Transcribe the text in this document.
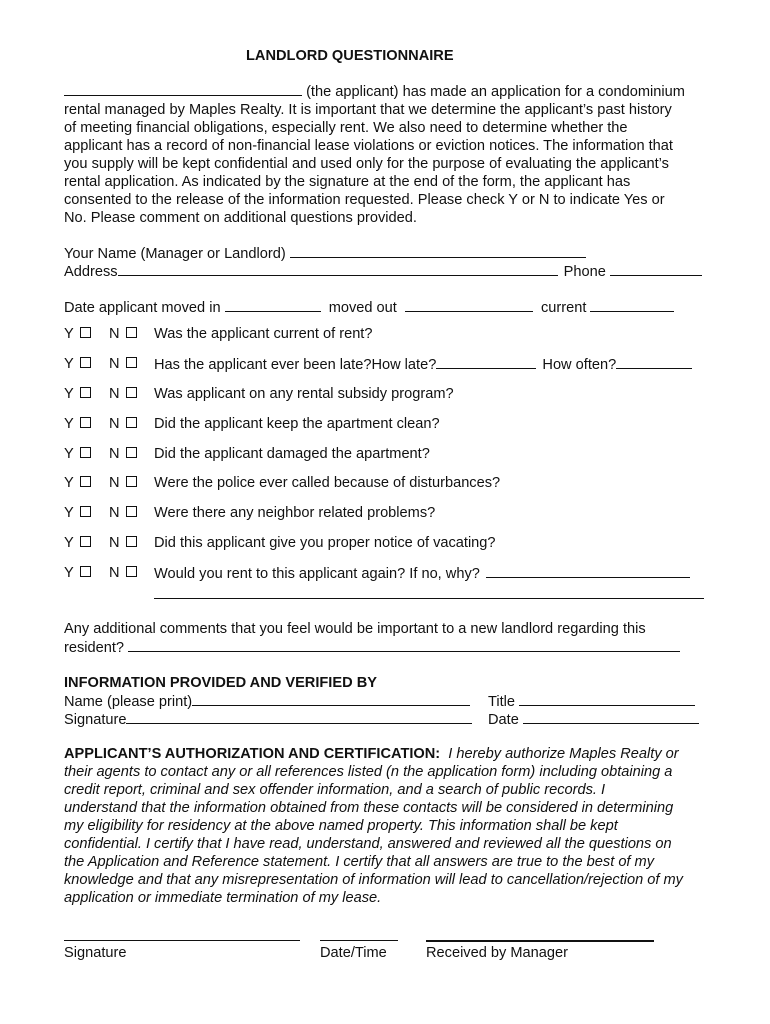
LANDLORD QUESTIONNAIRE
(the applicant) has made an application for a condominium
rental managed by Maples Realty. It is important that we determine the applicant’s past history
of meeting financial obligations, especially rent. We also need to determine whether the
applicant has a record of non-financial lease violations or eviction notices. The information that
you supply will be kept confidential and used only for the purpose of evaluating the applicant’s
rental application. As indicated by the signature at the end of the form, the applicant has
consented to the release of the information requested. Please check Y or N to indicate Yes or
No. Please comment on additional questions provided.
Your Name (Manager or Landlord)
Address	Phone
Date applicant moved in	moved out	current
Y	N	Was the applicant current of rent?
Y	N	Has the applicant ever been late?How late?	How often?
Y	N	Was applicant on any rental subsidy program?
Y	N	Did the applicant keep the apartment clean?
Y	N	Did the applicant damaged the apartment?
Y	N	Were the police ever called because of disturbances?
Y	N	Were there any neighbor related problems?
Y	N	Did this applicant give you proper notice of vacating?
Y	N	Would you rent to this applicant again? If no, why?
Any additional comments that you feel would be important to a new landlord regarding this
resident?
INFORMATION PROVIDED AND VERIFIED BY
Name (please print)	Title
Signature	Date
APPLICANT’S AUTHORIZATION AND CERTIFICATION: I hereby authorize Maples Realty or
their agents to contact any or all references listed (n the application form) including obtaining a
credit report, criminal and sex offender information, and a search of public records. I
understand that the information obtained from these contacts will be considered in determining
my eligibility for residency at the above named property. This information shall be kept
confidential. I certify that I have read, understand, answered and reviewed all the questions on
the Application and Reference statement. I certify that all answers are true to the best of my
knowledge and that any misrepresentation of information will lead to cancellation/rejection of my
application or immediate termination of my lease.
Signature	Date/Time	Received by Manager
